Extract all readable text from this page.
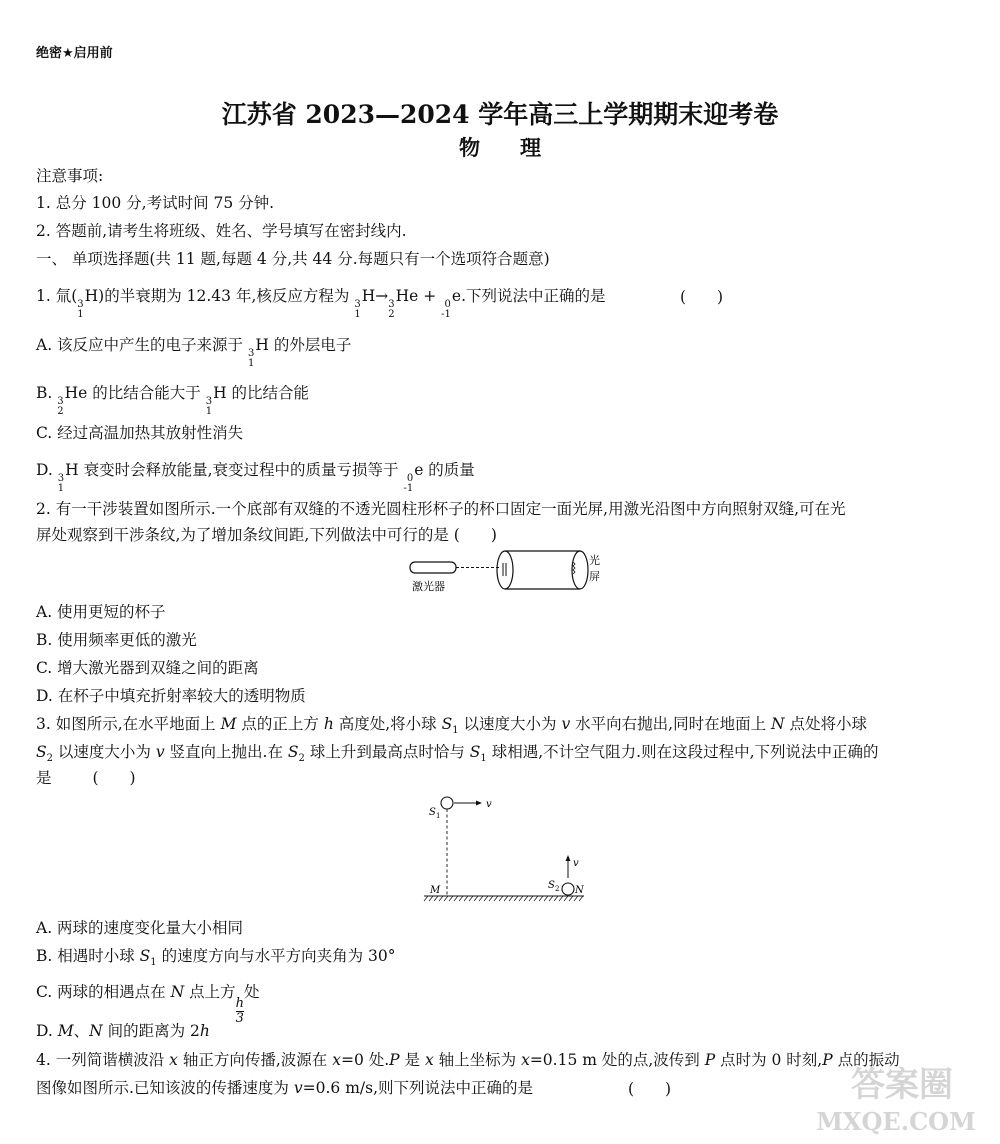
绝密★启用前
江苏省 2023—2024 学年高三上学期期末迎考卷
物理
注意事项:
1. 总分 100 分,考试时间 75 分钟.
2. 答题前,请考生将班级、姓名、学号填写在密封线内.
一、 单项选择题(共 11 题,每题 4 分,共 44 分.每题只有一个选项符合题意)
1. 氚( 3
1
H)的半衰期为 12.43 年,核反应方程为 3
1
H→ 3
2
He + 0
-1
e.下列说法中正确的是	(　　)
A. 该反应中产生的电子来源于 3
1
H 的外层电子
B. 3
2
He 的比结合能大于 3
1
H 的比结合能
C. 经过高温加热其放射性消失
D. 3
1
H 衰变时会释放能量,衰变过程中的质量亏损等于 0
-1
e 的质量
2. 有一干涉装置如图所示.一个底部有双缝的不透光圆柱形杯子的杯口固定一面光屏,用激光沿图中方向照射双缝,可在光
屏处观察到干涉条纹,为了增加条纹间距,下列做法中可行的是 (　　)
激光器
光
屏
A. 使用更短的杯子
B. 使用频率更低的激光
C. 增大激光器到双缝之间的距离
D. 在杯子中填充折射率较大的透明物质
3. 如图所示,在水平地面上 M 点的正上方 h 高度处,将小球 $S_1$ 以速度大小为 v 水平向右抛出,同时在地面上 N 点处将小球
$S_2$ 以速度大小为 v 竖直向上抛出.在 $S_2$ 球上升到最高点时恰与 $S_1$ 球相遇,不计空气阻力.则在这段过程中,下列说法中正确的
是	(　　)
S 1
v
v
S 2 N
M
A. 两球的速度变化量大小相同
B. 相遇时小球 $S_1$ 的速度方向与水平方向夹角为 30°
C. 两球的相遇点在 N 点上方
$\frac{h}{3}$
处
D. M、N 间的距离为 2h
4. 一列简谐横波沿 x 轴正方向传播,波源在 x=0 处.P 是 x 轴上坐标为 x=0.15 m 处的点,波传到 P 点时为 0 时刻,P 点的振动
图像如图所示.已知该波的传播速度为 v=0.6 m/s,则下列说法中正确的是	(　　)	答案圈
MXQE.COM
